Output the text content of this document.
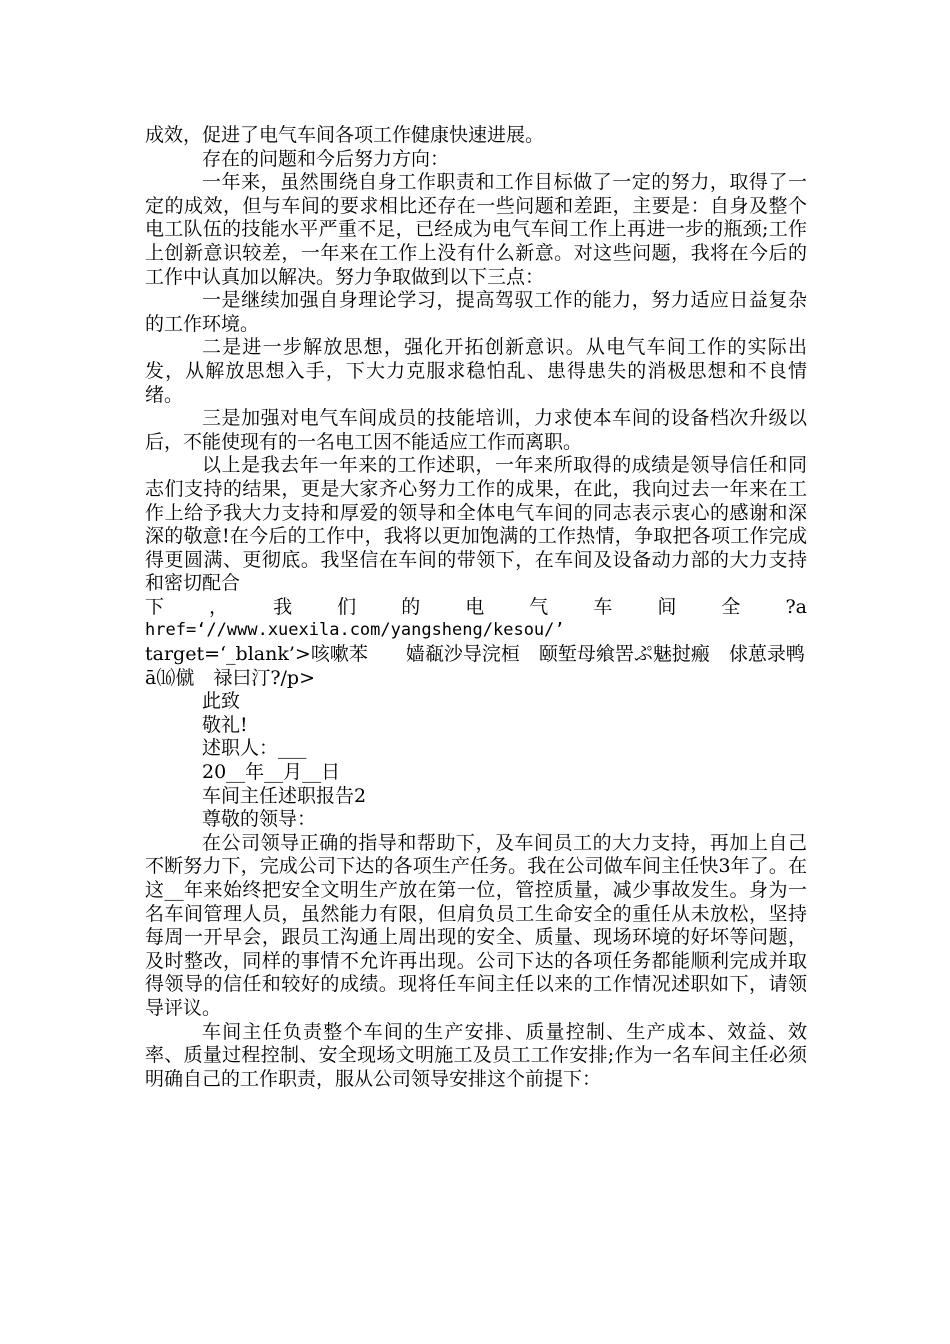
成效，促进了电气车间各项工作健康快速进展。

存在的问题和今后努力方向：

一年来，虽然围绕自身工作职责和工作目标做了一定的努力，取得了一定的成效，但与车间的要求相比还存在一些问题和差距，主要是：自身及整个电工队伍的技能水平严重不足，已经成为电气车间工作上再进一步的瓶颈;工作上创新意识较差，一年来在工作上没有什么新意。对这些问题，我将在今后的工作中认真加以解决。努力争取做到以下三点：

一是继续加强自身理论学习，提高驾驭工作的能力，努力适应日益复杂的工作环境。

二是进一步解放思想，强化开拓创新意识。从电气车间工作的实际出发，从解放思想入手，下大力克服求稳怕乱、患得患失的消极思想和不良情绪。

三是加强对电气车间成员的技能培训，力求使本车间的设备档次升级以后，不能使现有的一名电工因不能适应工作而离职。

以上是我去年一年来的工作述职，一年来所取得的成绩是领导信任和同志们支持的结果，更是大家齐心努力工作的成果，在此，我向过去一年来在工作上给予我大力支持和厚爱的领导和全体电气车间的同志表示衷心的感谢和深深的敬意!在今后的工作中，我将以更加饱满的工作热情，争取把各项工作完成得更圆满、更彻底。我坚信在车间的带领下，在车间及设备动力部的大力支持和密切配合

下，我们的电气车间全?a

href=‘//www.xuexila.com/yangsheng/kesou/’

target=‘_blank’>咳嗽苯　　嫱瓻沙导浣桓　颐堑母飨罟ぷ魅挝瘢　俅葸录鸭ā⒃僦　禄曰汀?/p>

此致

敬礼!

述职人：___

20__年__月__日

车间主任述职报告2

尊敬的领导：

在公司领导正确的指导和帮助下，及车间员工的大力支持，再加上自己不断努力下，完成公司下达的各项生产任务。我在公司做车间主任快3年了。在这__年来始终把安全文明生产放在第一位，管控质量，减少事故发生。身为一名车间管理人员，虽然能力有限，但肩负员工生命安全的重任从未放松，坚持每周一开早会，跟员工沟通上周出现的安全、质量、现场环境的好坏等问题，及时整改，同样的事情不允许再出现。公司下达的各项任务都能顺利完成并取得领导的信任和较好的成绩。现将任车间主任以来的工作情况述职如下，请领导评议。

车间主任负责整个车间的生产安排、质量控制、生产成本、效益、效率、质量过程控制、安全现场文明施工及员工工作安排;作为一名车间主任必须明确自己的工作职责，服从公司领导安排这个前提下：
